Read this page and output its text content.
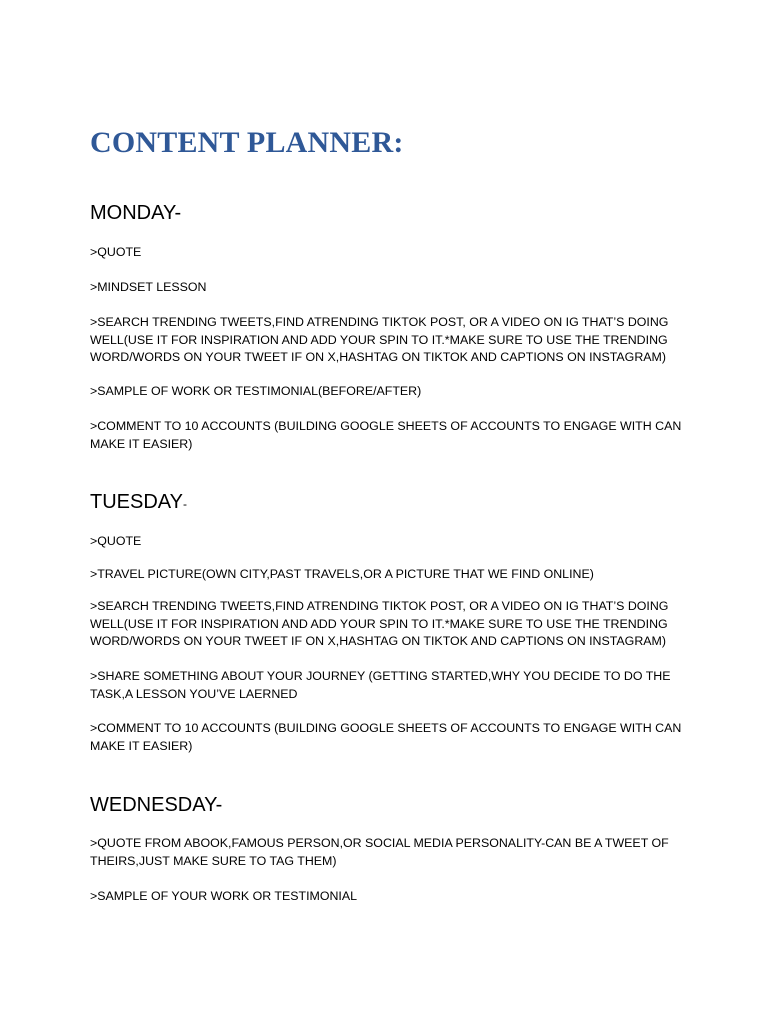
CONTENT PLANNER:
MONDAY-

>QUOTE

>MINDSET LESSON

>SEARCH TRENDING TWEETS,FIND ATRENDING TIKTOK POST, OR A VIDEO ON IG THAT’S DOING WELL(USE IT FOR INSPIRATION AND ADD YOUR SPIN TO IT.*MAKE SURE TO USE THE TRENDING WORD/WORDS ON YOUR TWEET IF ON X,HASHTAG ON TIKTOK AND CAPTIONS ON INSTAGRAM)

>SAMPLE OF WORK OR TESTIMONIAL(BEFORE/AFTER)

>COMMENT TO 10 ACCOUNTS (BUILDING GOOGLE SHEETS OF ACCOUNTS TO ENGAGE WITH CAN MAKE IT EASIER)

TUESDAY-

>QUOTE

>TRAVEL PICTURE(OWN CITY,PAST TRAVELS,OR A PICTURE THAT WE FIND ONLINE)

>SEARCH TRENDING TWEETS,FIND ATRENDING TIKTOK POST, OR A VIDEO ON IG THAT’S DOING WELL(USE IT FOR INSPIRATION AND ADD YOUR SPIN TO IT.*MAKE SURE TO USE THE TRENDING WORD/WORDS ON YOUR TWEET IF ON X,HASHTAG ON TIKTOK AND CAPTIONS ON INSTAGRAM)

>SHARE SOMETHING ABOUT YOUR JOURNEY (GETTING STARTED,WHY YOU DECIDE TO DO THE TASK,A LESSON YOU’VE LAERNED

>COMMENT TO 10 ACCOUNTS (BUILDING GOOGLE SHEETS OF ACCOUNTS TO ENGAGE WITH CAN MAKE IT EASIER)

WEDNESDAY-

>QUOTE FROM ABOOK,FAMOUS PERSON,OR SOCIAL MEDIA PERSONALITY-CAN BE A TWEET OF THEIRS,JUST MAKE SURE TO TAG THEM)

>SAMPLE OF YOUR WORK OR TESTIMONIAL
